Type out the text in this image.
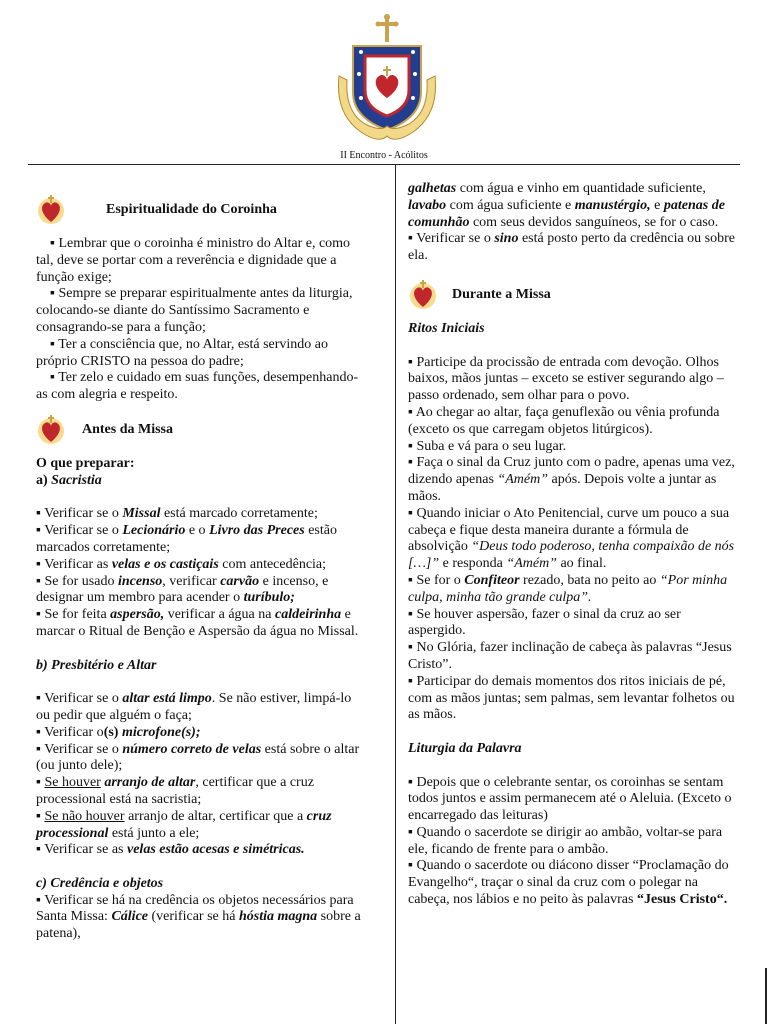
II Encontro - Acólitos
Espiritualidade do Coroinha

▪ Lembrar que o coroinha é ministro do Altar e, como tal, deve se portar com a reverência e dignidade que a função exige;

▪ Sempre se preparar espiritualmente antes da liturgia, colocando-se diante do Santíssimo Sacramento e consagrando-se para a função;

▪ Ter a consciência que, no Altar, está servindo ao próprio CRISTO na pessoa do padre;

▪ Ter zelo e cuidado em suas funções, desempenhando-as com alegria e respeito.

Antes da Missa

O que preparar:

a) Sacristia

▪ Verificar se o Missal está marcado corretamente;

▪ Verificar se o Lecionário e o Livro das Preces estão marcados corretamente;

▪ Verificar as velas e os castiçais com antecedência;

▪ Se for usado incenso, verificar carvão e incenso, e designar um membro para acender o turíbulo;

▪ Se for feita aspersão, verificar a água na caldeirinha e marcar o Ritual de Benção e Aspersão da água no Missal.

b) Presbitério e Altar

▪ Verificar se o altar está limpo. Se não estiver, limpá-lo ou pedir que alguém o faça;

▪ Verificar o(s) microfone(s);

▪ Verificar se o número correto de velas está sobre o altar (ou junto dele);

▪ Se houver arranjo de altar, certificar que a cruz processional está na sacristia;

▪ Se não houver arranjo de altar, certificar que a cruz processional está junto a ele;

▪ Verificar se as velas estão acesas e simétricas.

c) Credência e objetos

▪ Verificar se há na credência os objetos necessários para Santa Missa: Cálice (verificar se há hóstia magna sobre a patena),

galhetas com água e vinho em quantidade suficiente, lavabo com água suficiente e manustérgio, e patenas de comunhão com seus devidos sanguíneos, se for o caso.

▪ Verificar se o sino está posto perto da credência ou sobre ela.

Durante a Missa

Ritos Iniciais

▪ Participe da procissão de entrada com devoção. Olhos baixos, mãos juntas – exceto se estiver segurando algo – passo ordenado, sem olhar para o povo.

▪ Ao chegar ao altar, faça genuflexão ou vênia profunda (exceto os que carregam objetos litúrgicos).

▪ Suba e vá para o seu lugar.

▪ Faça o sinal da Cruz junto com o padre, apenas uma vez, dizendo apenas “Amém” após. Depois volte a juntar as mãos.

▪ Quando iniciar o Ato Penitencial, curve um pouco a sua cabeça e fique desta maneira durante a fórmula de absolvição “Deus todo poderoso, tenha compaixão de nós […]” e responda “Amém” ao final.

▪ Se for o Confiteor rezado, bata no peito ao “Por minha culpa, minha tão grande culpa”.

▪ Se houver aspersão, fazer o sinal da cruz ao ser aspergido.

▪ No Glória, fazer inclinação de cabeça às palavras “Jesus Cristo”.

▪ Participar do demais momentos dos ritos iniciais de pé, com as mãos juntas; sem palmas, sem levantar folhetos ou as mãos.

Liturgia da Palavra

▪ Depois que o celebrante sentar, os coroinhas se sentam todos juntos e assim permanecem até o Aleluia. (Exceto o encarregado das leituras)

▪ Quando o sacerdote se dirigir ao ambão, voltar-se para ele, ficando de frente para o ambão.

▪ Quando o sacerdote ou diácono disser “Proclamação do Evangelho“, traçar o sinal da cruz com o polegar na cabeça, nos lábios e no peito às palavras “Jesus Cristo“.
